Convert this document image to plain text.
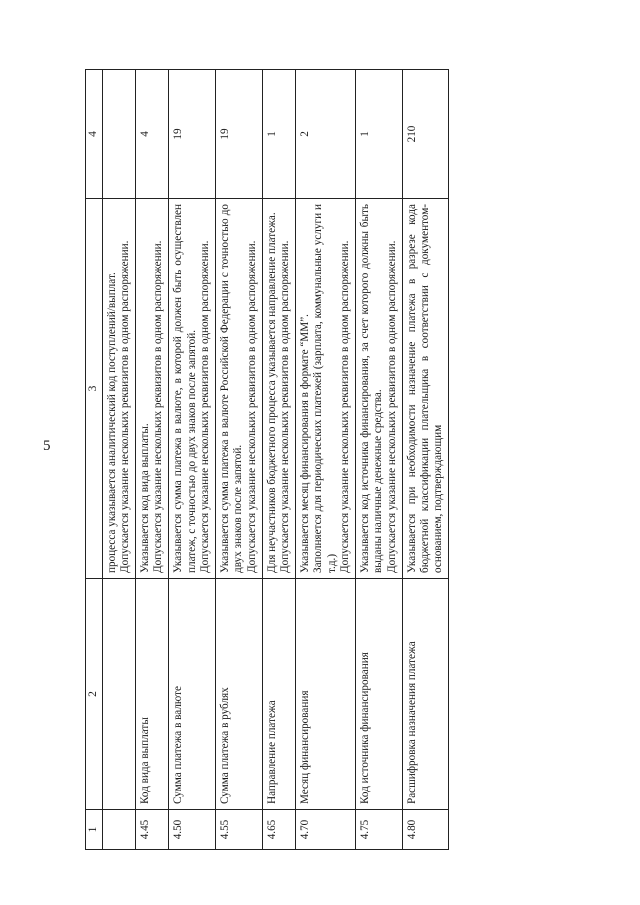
5
1	2	3	4

		процесса указывается аналитический код поступлений/выплат. Допускается указание нескольких реквизитов в одном распоряжении.	

4.45	Код вида выплаты	Указывается код вида выплаты. Допускается указание нескольких реквизитов в одном распоряжении.	4
4.50	Сумма платежа в валюте	Указывается сумма платежа в валюте, в которой должен быть осуществлен платеж, с точностью до двух знаков после запятой. Допускается указание нескольких реквизитов в одном распоряжении.	19
4.55	Сумма платежа в рублях	Указывается сумма платежа в валюте Российской Федерации с точностью до двух знаков после запятой. Допускается указание нескольких реквизитов в одном распоряжении.	19
4.65	Направление платежа	Для неучастников бюджетного процесса указывается направление платежа. Допускается указание нескольких реквизитов в одном распоряжении.	1
4.70	Месяц финансирования	Указывается месяц финансирования в формате “ММ”. Заполняется для периодических платежей (зарплата, коммунальные услуги и т.д.) Допускается указание нескольких реквизитов в одном распоряжении.	2
4.75	Код источника финансирования	Указывается код источника финансирования, за счет которого должны быть выданы наличные денежные средства. Допускается указание нескольких реквизитов в одном распоряжении.	1
4.80	Расшифровка назначения платежа	Указывается при необходимости назначение платежа в разрезе кода бюджетной классификации плательщика в соответствии с документом-основанием, подтверждающим	210
